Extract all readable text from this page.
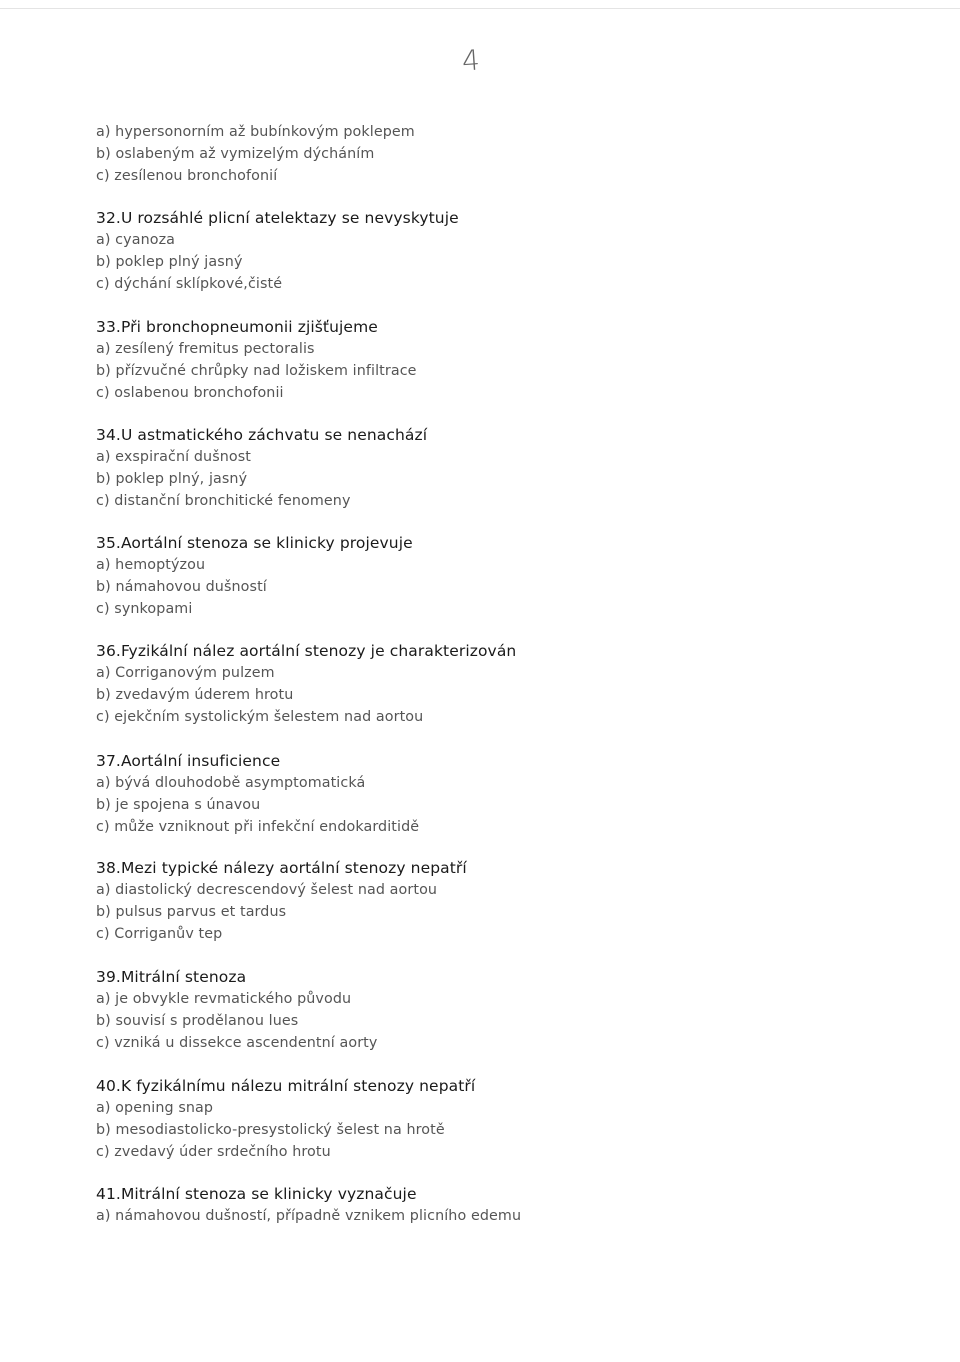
4
a) hypersonorním až bubínkovým poklepem
b) oslabeným až vymizelým dýcháním
c) zesílenou bronchofonií
32.U rozsáhlé plicní atelektazy se nevyskytuje
a) cyanoza
b) poklep plný jasný
c) dýchání sklípkové,čisté
33.Při bronchopneumonii zjišťujeme
a) zesílený fremitus pectoralis
b) přízvučné chrůpky nad ložiskem infiltrace
c) oslabenou bronchofonii
34.U astmatického záchvatu se nenachází
a) exspirační dušnost
b) poklep plný, jasný
c) distanční bronchitické fenomeny
35.Aortální stenoza se klinicky projevuje
a) hemoptýzou
b) námahovou dušností
c) synkopami
36.Fyzikální nález aortální stenozy je charakterizován
a) Corriganovým pulzem
b) zvedavým úderem hrotu
c) ejekčním systolickým šelestem nad aortou
37.Aortální insuficience
a) bývá dlouhodobě asymptomatická
b) je spojena s únavou
c) může vzniknout při infekční endokarditidě
38.Mezi typické nálezy aortální stenozy nepatří
a) diastolický decrescendový šelest nad aortou
b) pulsus parvus et tardus
c) Corriganův tep
39.Mitrální stenoza
a) je obvykle revmatického původu
b) souvisí s prodělanou lues
c) vzniká u dissekce ascendentní aorty
40.K fyzikálnímu nálezu mitrální stenozy nepatří
a) opening snap
b) mesodiastolicko-presystolický šelest na hrotě
c) zvedavý úder srdečního hrotu
41.Mitrální stenoza se klinicky vyznačuje
a) námahovou dušností, případně vznikem plicního edemu
